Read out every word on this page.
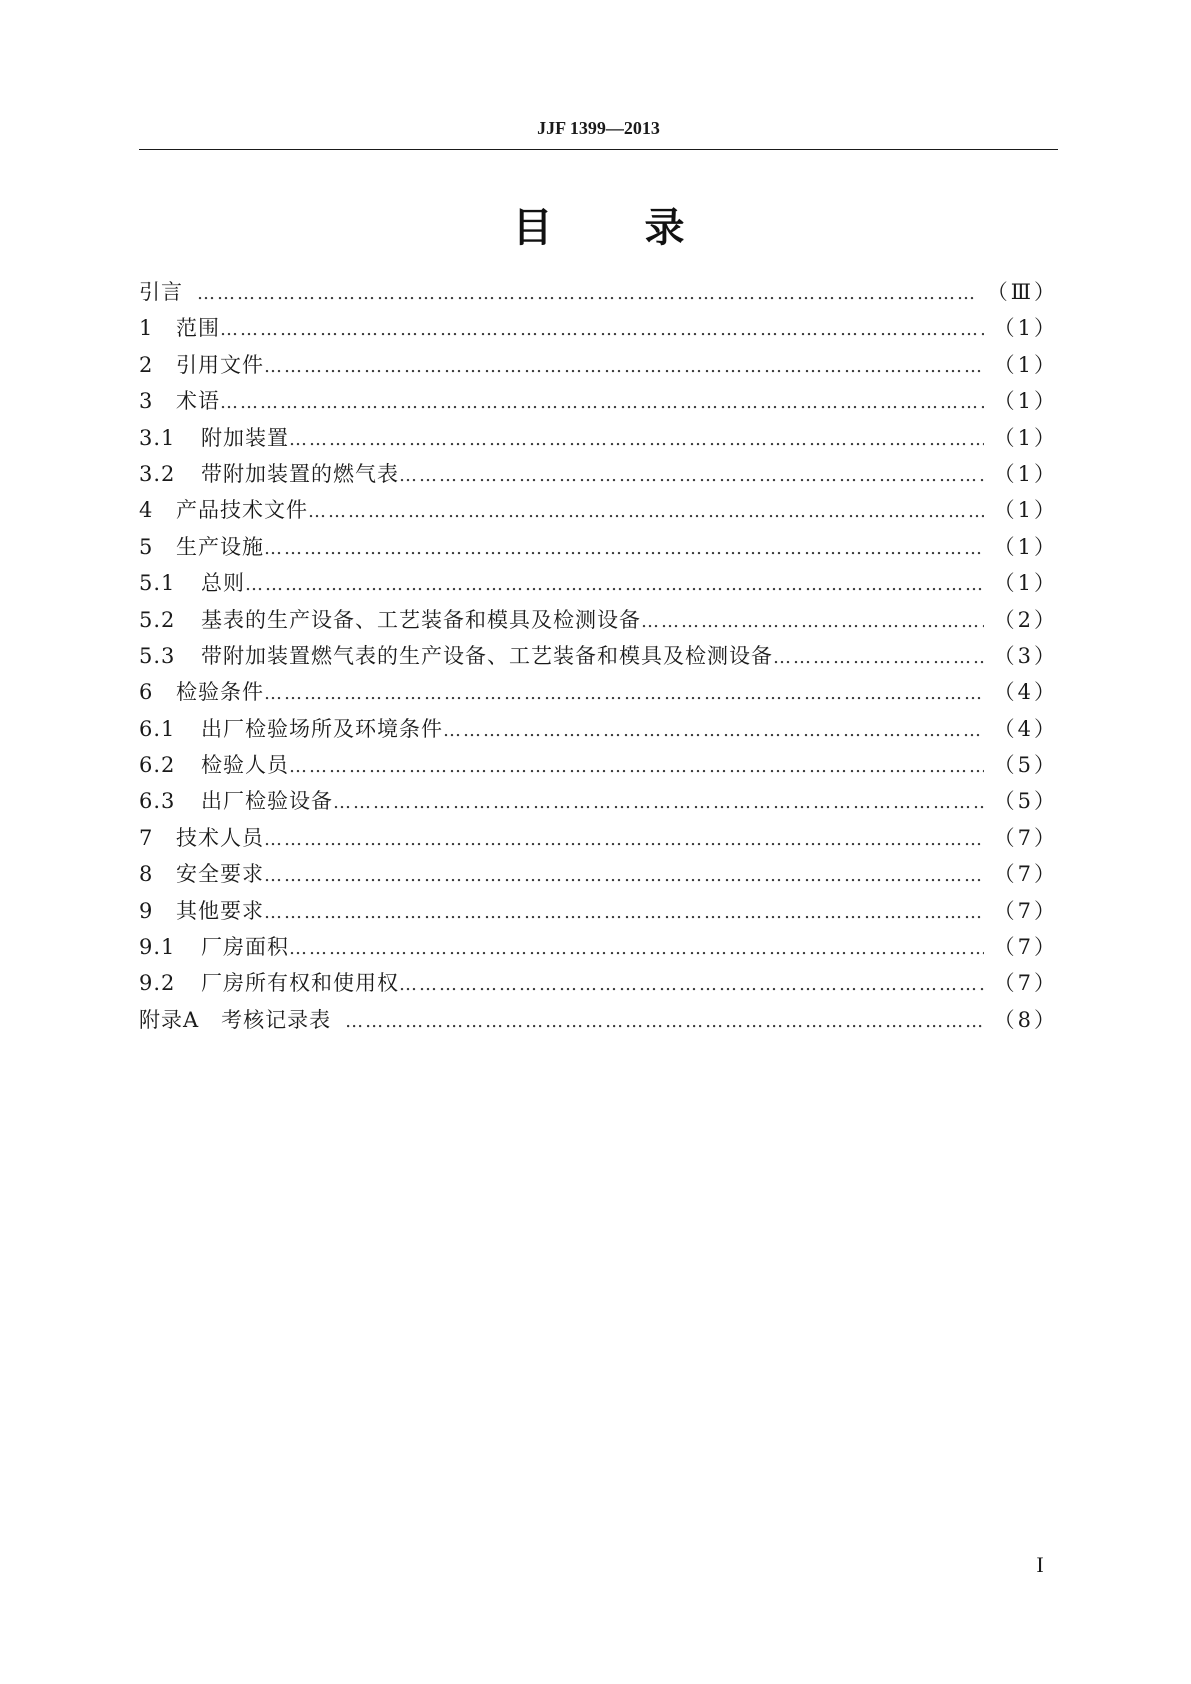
JJF 1399—2013
目 录
引言 ………………………………………………………………………………………………………………………………………………………………………………………………………………………………………………………	（Ⅲ）
1	范围 ………………………………………………………………………………………………………………………………………………………………………………………………………………………………………………………	（1）
2	引用文件 ………………………………………………………………………………………………………………………………………………………………………………………………………………………………………………………	（1）
3	术语 ………………………………………………………………………………………………………………………………………………………………………………………………………………………………………………………	（1）
3.1	附加装置 ………………………………………………………………………………………………………………………………………………………………………………………………………………………………………………………	（1）
3.2	带附加装置的燃气表 ………………………………………………………………………………………………………………………………………………………………………………………………………………………………………………………	（1）
4	产品技术文件 ………………………………………………………………………………………………………………………………………………………………………………………………………………………………………………………	（1）
5	生产设施 ………………………………………………………………………………………………………………………………………………………………………………………………………………………………………………………	（1）
5.1	总则 ………………………………………………………………………………………………………………………………………………………………………………………………………………………………………………………	（1）
5.2	基表的生产设备、工艺装备和模具及检测设备 ………………………………………………………………………………………………………………………………………………………………………………………………………………………………………………………	（2）
5.3	带附加装置燃气表的生产设备、工艺装备和模具及检测设备 ………………………………………………………………………………………………………………………………………………………………………………………………………………………………………………………	（3）
6	检验条件 ………………………………………………………………………………………………………………………………………………………………………………………………………………………………………………………	（4）
6.1	出厂检验场所及环境条件 ………………………………………………………………………………………………………………………………………………………………………………………………………………………………………………………	（4）
6.2	检验人员 ………………………………………………………………………………………………………………………………………………………………………………………………………………………………………………………	（5）
6.3	出厂检验设备 ………………………………………………………………………………………………………………………………………………………………………………………………………………………………………………………	（5）
7	技术人员 ………………………………………………………………………………………………………………………………………………………………………………………………………………………………………………………	（7）
8	安全要求 ………………………………………………………………………………………………………………………………………………………………………………………………………………………………………………………	（7）
9	其他要求 ………………………………………………………………………………………………………………………………………………………………………………………………………………………………………………………	（7）
9.1	厂房面积 ………………………………………………………………………………………………………………………………………………………………………………………………………………………………………………………	（7）
9.2	厂房所有权和使用权 ………………………………………………………………………………………………………………………………………………………………………………………………………………………………………………………	（7）
附录A　考核记录表 ………………………………………………………………………………………………………………………………………………………………………………………………………………………………………………………	（8）
I
